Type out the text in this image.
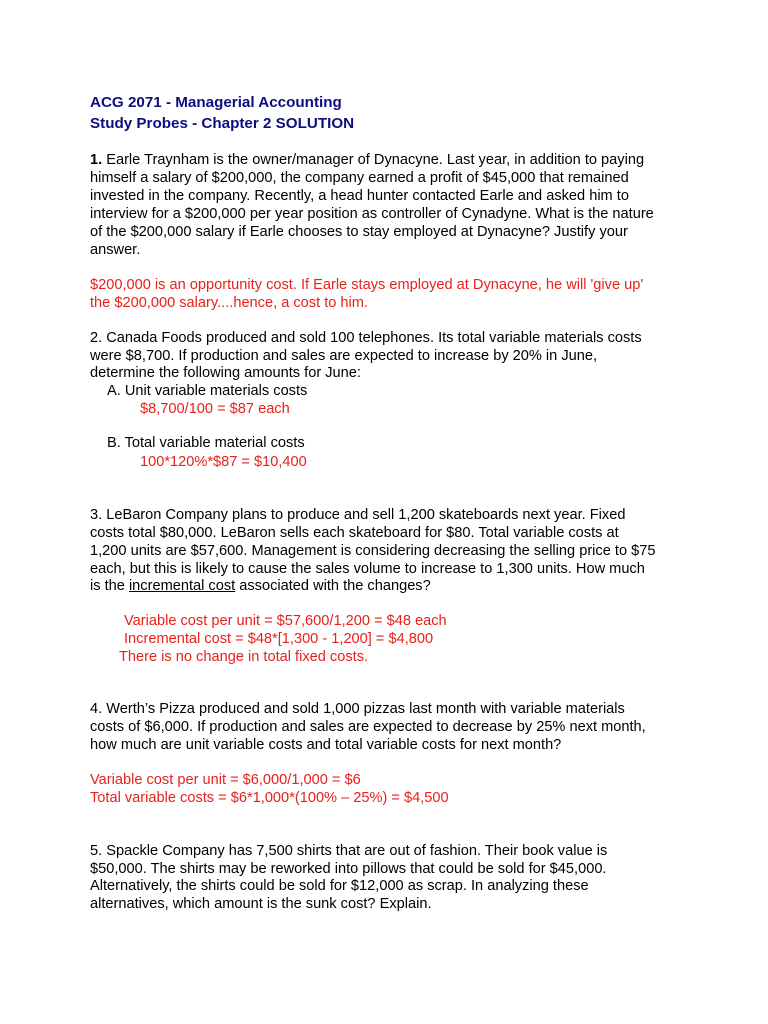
ACG 2071 - Managerial Accounting
Study Probes - Chapter 2 SOLUTION
1. Earle Traynham is the owner/manager of Dynacyne. Last year, in addition to paying
himself a salary of $200,000, the company earned a profit of $45,000 that remained
invested in the company. Recently, a head hunter contacted Earle and asked him to
interview for a $200,000 per year position as controller of Cynadyne. What is the nature
of the $200,000 salary if Earle chooses to stay employed at Dynacyne? Justify your
answer.
$200,000 is an opportunity cost. If Earle stays employed at Dynacyne, he will 'give up'
the $200,000 salary....hence, a cost to him.
2. Canada Foods produced and sold 100 telephones. Its total variable materials costs
were $8,700. If production and sales are expected to increase by 20% in June,
determine the following amounts for June:
A. Unit variable materials costs
$8,700/100 = $87 each
B. Total variable material costs
100*120%*$87 = $10,400
3. LeBaron Company plans to produce and sell 1,200 skateboards next year. Fixed
costs total $80,000. LeBaron sells each skateboard for $80. Total variable costs at
1,200 units are $57,600. Management is considering decreasing the selling price to $75
each, but this is likely to cause the sales volume to increase to 1,300 units. How much
is the incremental cost associated with the changes?
Variable cost per unit = $57,600/1,200 = $48 each
Incremental cost = $48*[1,300 - 1,200] = $4,800
There is no change in total fixed costs.
4. Werth’s Pizza produced and sold 1,000 pizzas last month with variable materials
costs of $6,000. If production and sales are expected to decrease by 25% next month,
how much are unit variable costs and total variable costs for next month?
Variable cost per unit = $6,000/1,000 = $6
Total variable costs = $6*1,000*(100% – 25%) = $4,500
5. Spackle Company has 7,500 shirts that are out of fashion. Their book value is
$50,000. The shirts may be reworked into pillows that could be sold for $45,000.
Alternatively, the shirts could be sold for $12,000 as scrap. In analyzing these
alternatives, which amount is the sunk cost? Explain.
